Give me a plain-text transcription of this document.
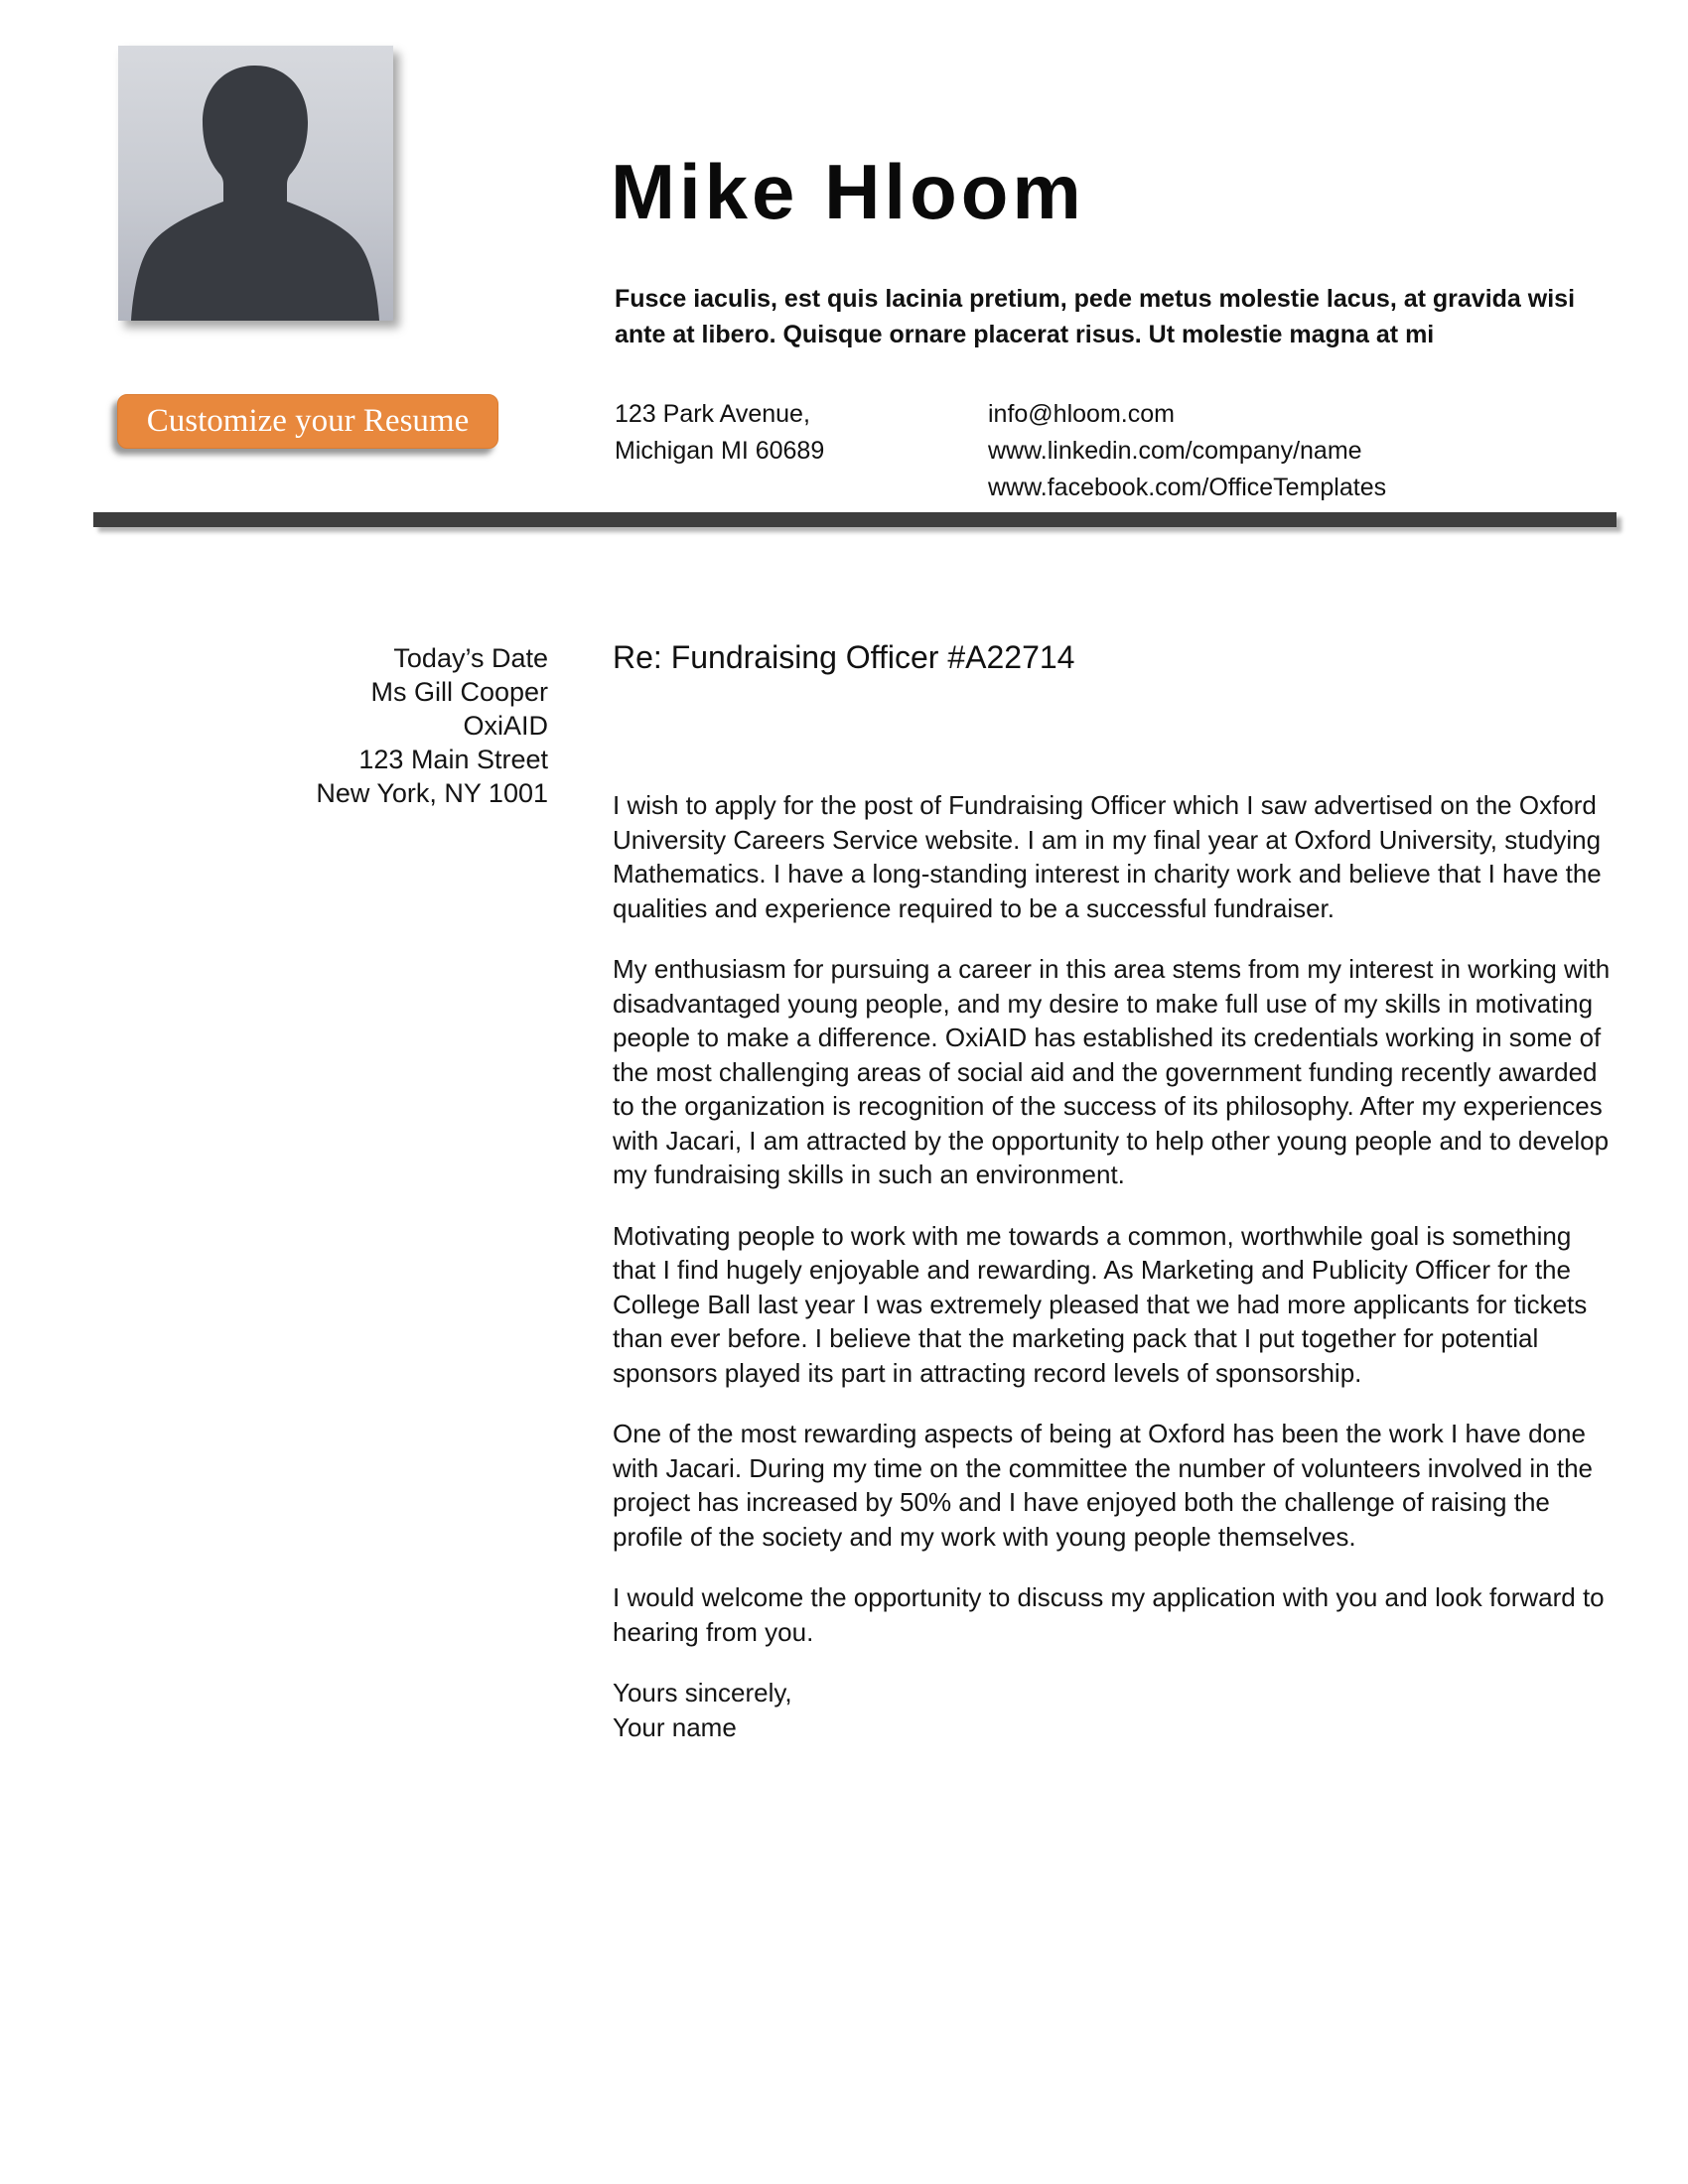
Mike Hloom
Fusce iaculis, est quis lacinia pretium, pede metus molestie lacus, at gravida wisi
ante at libero. Quisque ornare placerat risus. Ut molestie magna at mi
Customize your Resume	123 Park Avenue,
Michigan MI 60689
info@hloom.com
www.linkedin.com/company/name
www.facebook.com/OfficeTemplates
Today’s Date
Ms Gill Cooper
OxiAID
123 Main Street
New York, NY 1001
Re: Fundraising Officer #A22714

I wish to apply for the post of Fundraising Officer which I saw advertised on the Oxford University Careers Service website. I am in my final year at Oxford University, studying Mathematics. I have a long-standing interest in charity work and believe that I have the qualities and experience required to be a successful fundraiser.

My enthusiasm for pursuing a career in this area stems from my interest in working with disadvantaged young people, and my desire to make full use of my skills in motivating people to make a difference. OxiAID has established its credentials working in some of the most challenging areas of social aid and the government funding recently awarded to the organization is recognition of the success of its philosophy. After my experiences with Jacari, I am attracted by the opportunity to help other young people and to develop my fundraising skills in such an environment.

Motivating people to work with me towards a common, worthwhile goal is something that I find hugely enjoyable and rewarding. As Marketing and Publicity Officer for the College Ball last year I was extremely pleased that we had more applicants for tickets than ever before. I believe that the marketing pack that I put together for potential sponsors played its part in attracting record levels of sponsorship.

One of the most rewarding aspects of being at Oxford has been the work I have done with Jacari. During my time on the committee the number of volunteers involved in the project has increased by 50% and I have enjoyed both the challenge of raising the profile of the society and my work with young people themselves.

I would welcome the opportunity to discuss my application with you and look forward to hearing from you.

Yours sincerely,
Your name
